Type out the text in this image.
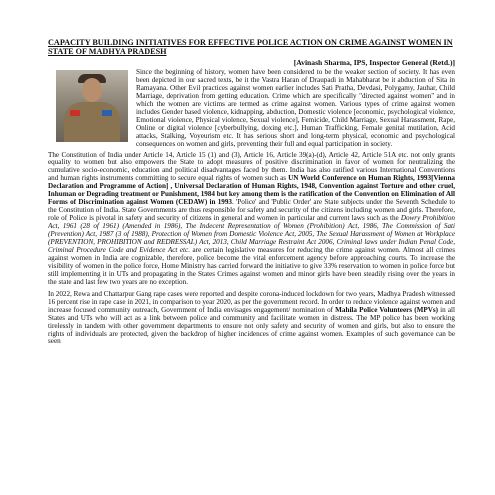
CAPACITY BUILDING INITIATIVES FOR EFFECTIVE POLICE ACTION ON CRIME AGAINST WOMEN IN STATE OF MADHYA PRADESH
[Avinash Sharma, IPS, Inspector General (Retd.)]

Since the beginning of history, women have been considered to be the weaker section of society. It has even been depicted in our sacred texts, be it the Vastra Haran of Draupadi in Mahabharat be it abduction of Sita in Ramayana. Other Evil practices against women earlier includes Sati Pratha, Devdasi, Polygamy, Jauhar, Child Marriage, deprivation from getting education. Crime which are specifically "directed against women" and in which the women are victims are termed as crime against women. Various types of crime against women includes Gender based violence, kidnapping, abduction, Domestic violence [economic, psychological violence, Emotional violence, Physical violence, Sexual violence], Femicide, Child Marriage, Sexual Harassment, Rape, Online or digital violence [cyberbullying, doxing etc.], Human Trafficking, Female genital mutilation, Acid attacks, Stalking, Voyeurism etc. It has serious short and long-term physical, economic and psychological consequences on women and girls, preventing their full and equal participation in society.

The Constitution of India under Article 14, Article 15 (1) and (3), Article 16, Article 39(a)-(d), Article 42, Article 51A etc. not only grants equality to women but also empowers the State to adopt measures of positive discrimination in favor of women for neutralizing the cumulative socio-economic, education and political disadvantages faced by them. India has also ratified various International Conventions and human rights instruments committing to secure equal rights of women such as UN World Conference on Human Rights, 1993[Vienna Declaration and Programme of Action] , Universal Declaration of Human Rights, 1948, Convention against Torture and other cruel, Inhuman or Degrading treatment or Punishment, 1984 but key among them is the ratification of the Convention on Elimination of All Forms of Discrimination against Women (CEDAW) in 1993. 'Police' and 'Public Order' are State subjects under the Seventh Schedule to the Constitution of India. State Governments are thus responsible for safety and security of the citizens including women and girls. Therefore, role of Police is pivotal in safety and security of citizens in general and women in particular and current laws such as the Dowry Prohibition Act, 1961 (28 of 1961) (Amended in 1986), The Indecent Representation of Women (Prohibition) Act, 1986, The Commission of Sati (Prevention) Act, 1987 (3 of 1988), Protection of Women from Domestic Violence Act, 2005, The Sexual Harassment of Women at Workplace (PREVENTION, PROHIBITION and REDRESSAL) Act, 2013, Child Marriage Restraint Act 2006, Criminal laws under Indian Penal Code, Criminal Procedure Code and Evidence Act etc. are certain legislative measures for reducing the crime against women. Almost all crimes against women in India are cognizable, therefore, police become the vital enforcement agency before approaching courts. To increase the visibility of women in the police force, Home Ministry has carried forward the initiative to give 33% reservation to women in police force but still implementing it in UTs and propagating in the States Crimes against women and minor girls have been steadily rising over the years in the state and last few two years are no exception.

In 2022, Rewa and Chattarpur Gang rape cases were reported and despite corona-induced lockdown for two years, Madhya Pradesh witnessed 16 percent rise in rape case in 2021, in comparison to year 2020, as per the government record. In order to reduce violence against women and increase focused community outreach, Government of India envisages engagement/ nomination of Mahila Police Volunteers (MPVs) in all States and UTs who will act as a link between police and community and facilitate women in distress. The MP police has been working tirelessly in tandem with other government departments to ensure not only safety and security of women and girls, but also to ensure the rights of individuals are protected, given the backdrop of higher incidences of crime against women. Examples of such governance can be seen
